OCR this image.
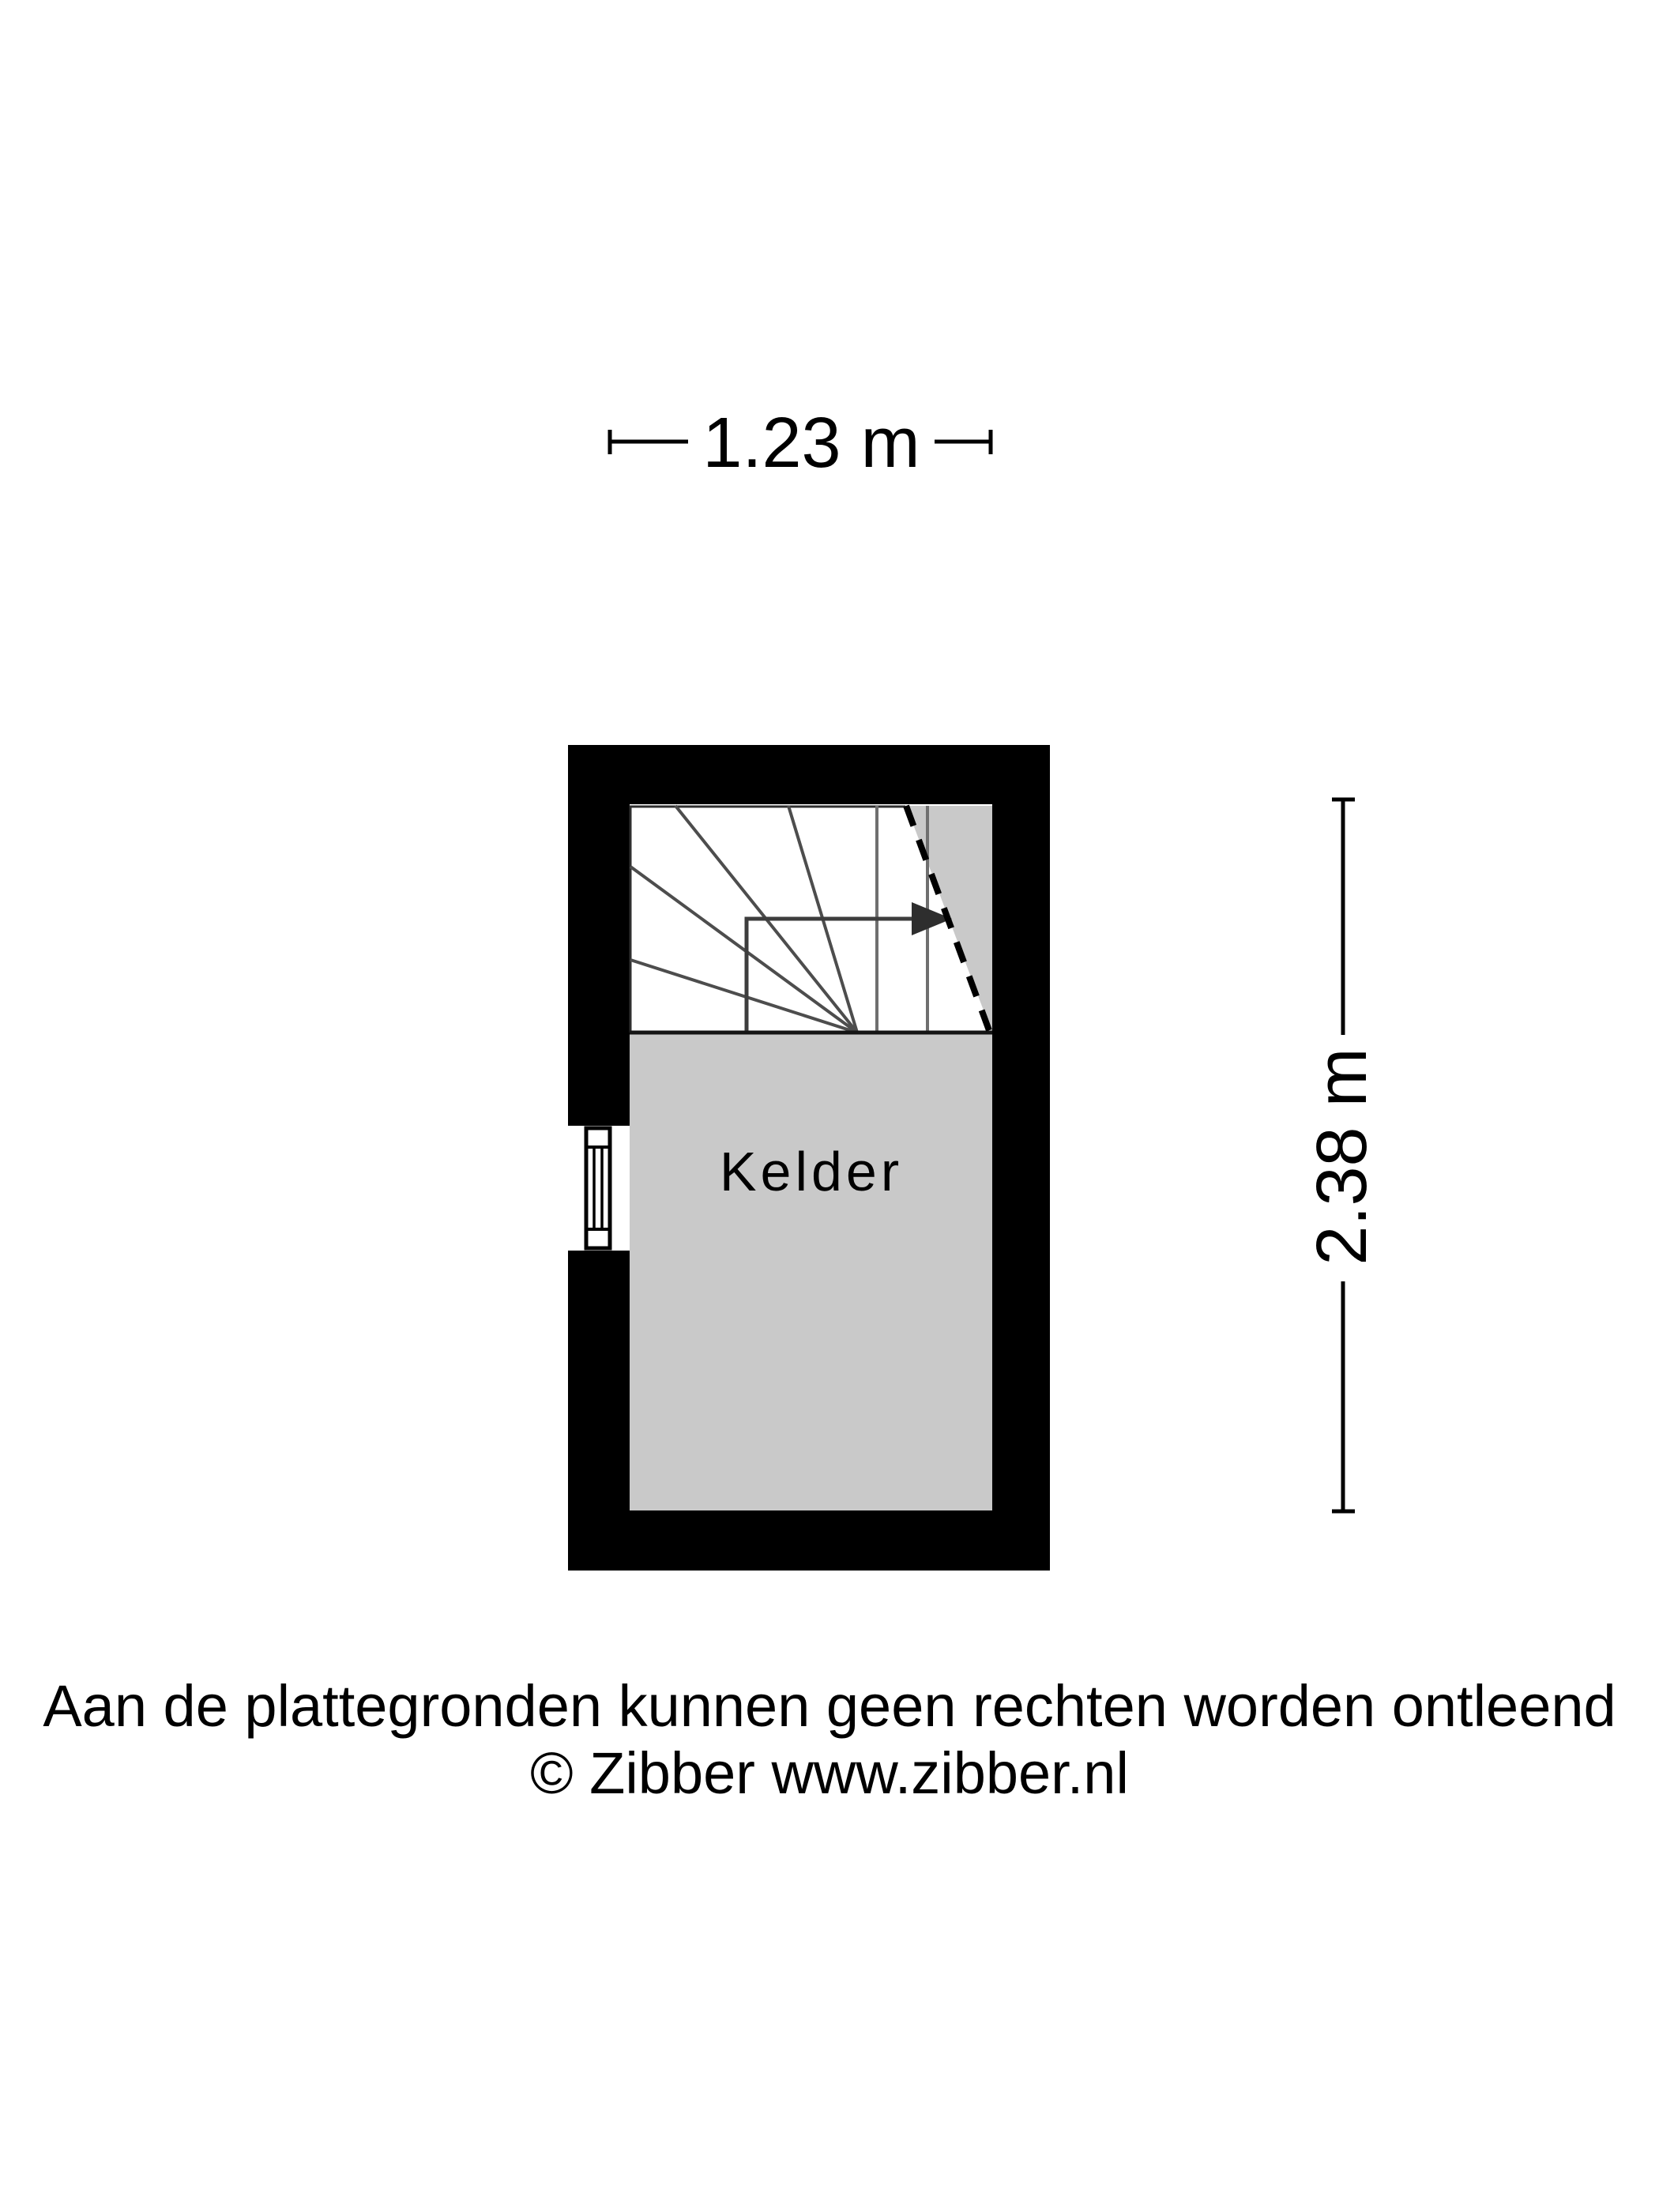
1.23 m
Kelder	2.38 m
Aan de plattegronden kunnen geen rechten worden ontleend
© Zibber www.zibber.nl
